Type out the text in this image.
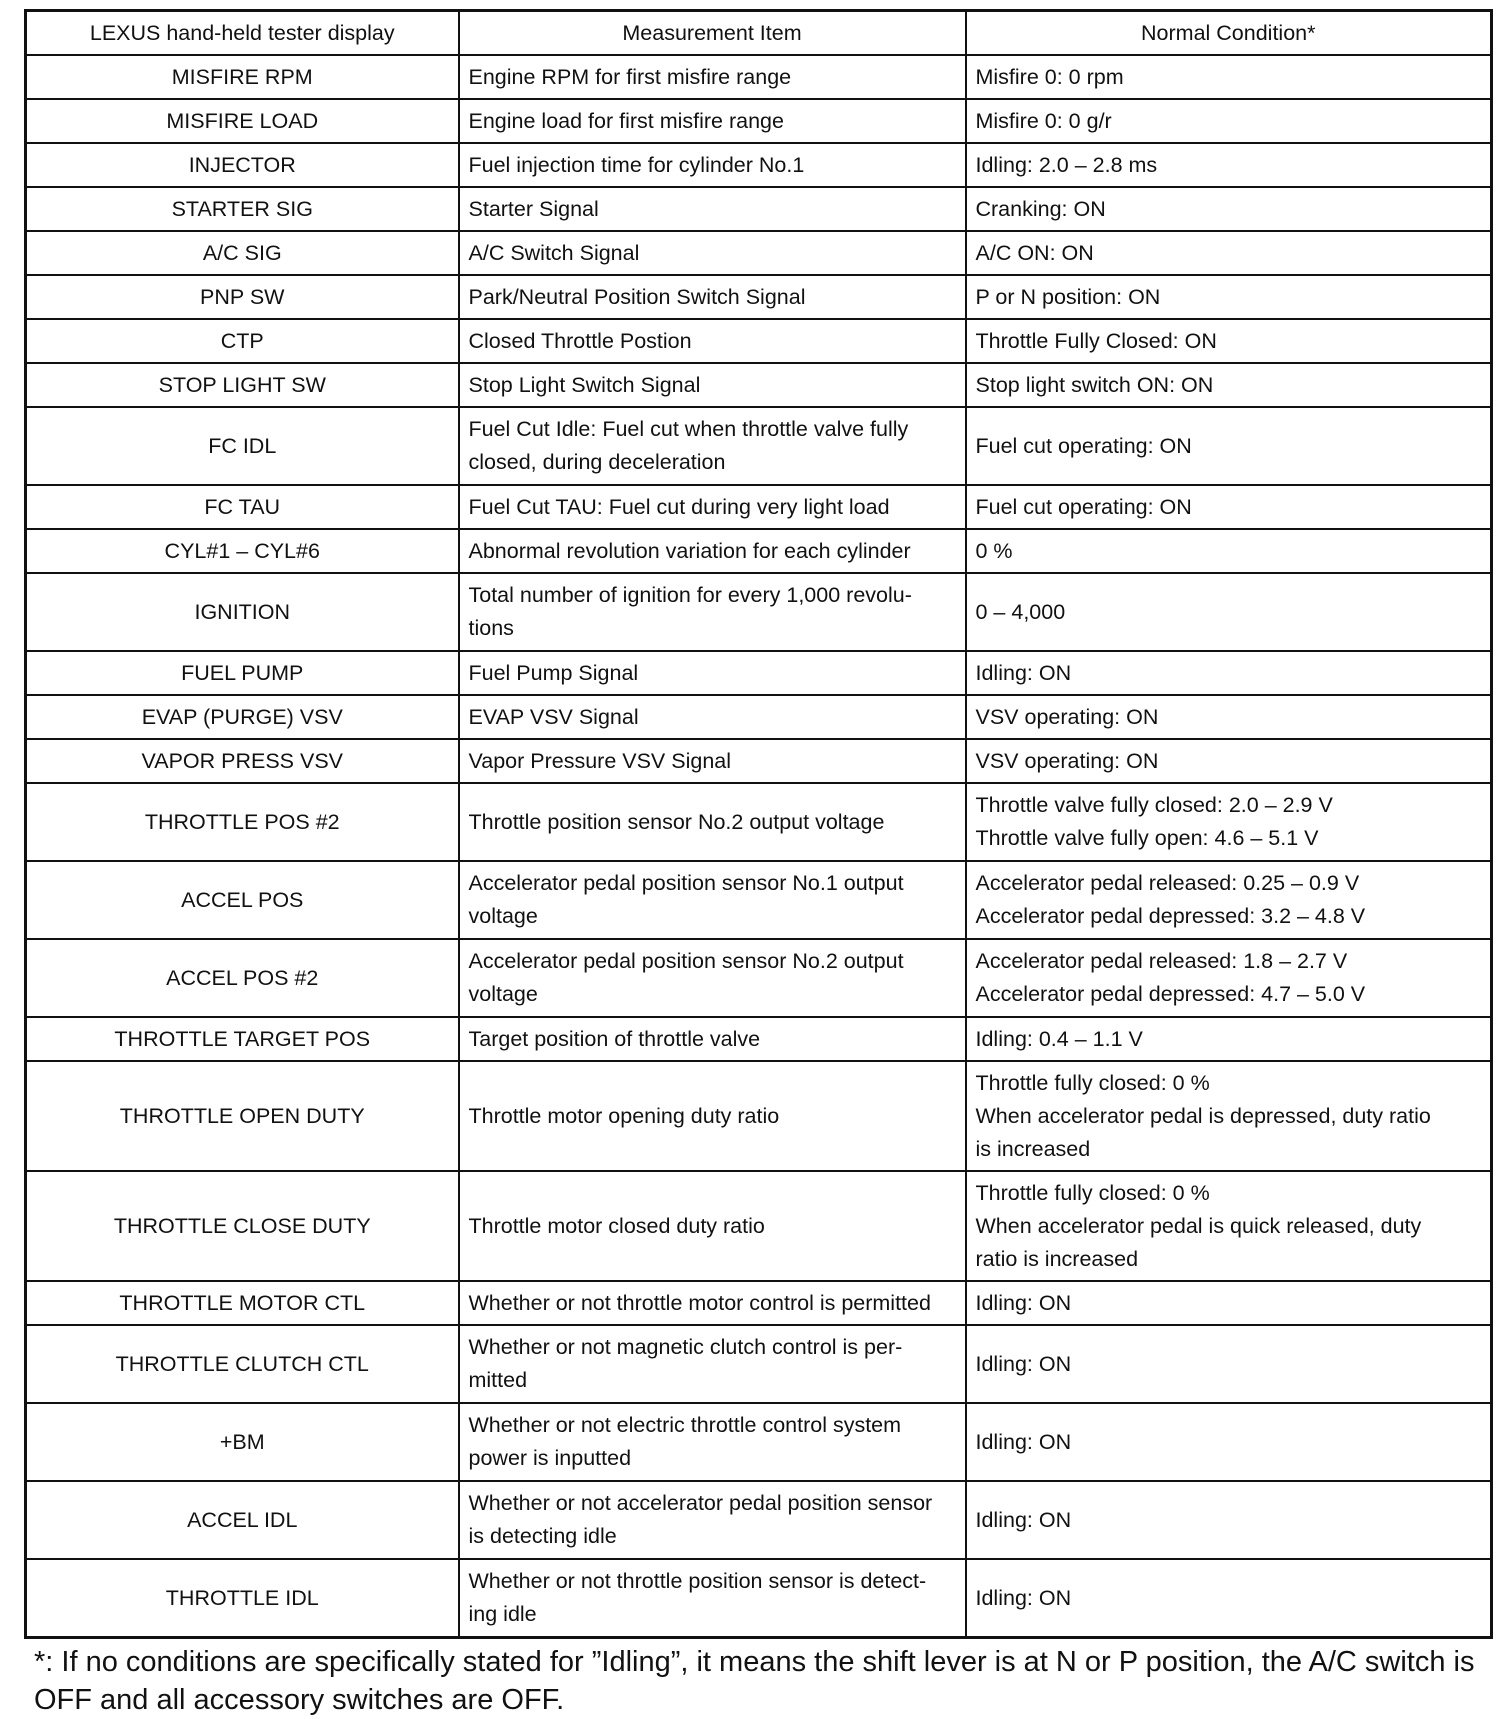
LEXUS hand-held tester display	Measurement Item	Normal Condition*
MISFIRE RPM	Engine RPM for first misfire range	Misfire 0: 0 rpm

MISFIRE LOAD	Engine load for first misfire range	Misfire 0: 0 g/r

INJECTOR	Fuel injection time for cylinder No.1	Idling: 2.0 – 2.8 ms

STARTER SIG	Starter Signal	Cranking: ON

A/C SIG	A/C Switch Signal	A/C ON: ON

PNP SW	Park/Neutral Position Switch Signal	P or N position: ON

CTP	Closed Throttle Postion	Throttle Fully Closed: ON

STOP LIGHT SW	Stop Light Switch Signal	Stop light switch ON: ON

FC IDL	Fuel Cut Idle: Fuel cut when throttle valve fully
closed, during deceleration	Fuel cut operating: ON

FC TAU	Fuel Cut TAU: Fuel cut during very light load	Fuel cut operating: ON

CYL#1 – CYL#6	Abnormal revolution variation for each cylinder	0 %

IGNITION	Total number of ignition for every 1,000 revolu-
tions	0 – 4,000

FUEL PUMP	Fuel Pump Signal	Idling: ON

EVAP (PURGE) VSV	EVAP VSV Signal	VSV operating: ON

VAPOR PRESS VSV	Vapor Pressure VSV Signal	VSV operating: ON

THROTTLE POS #2	Throttle position sensor No.2 output voltage	Throttle valve fully closed: 2.0 – 2.9 V
Throttle valve fully open: 4.6 – 5.1 V

ACCEL POS	Accelerator pedal position sensor No.1 output
voltage	Accelerator pedal released: 0.25 – 0.9 V
Accelerator pedal depressed: 3.2 – 4.8 V

ACCEL POS #2	Accelerator pedal position sensor No.2 output
voltage	Accelerator pedal released: 1.8 – 2.7 V
Accelerator pedal depressed: 4.7 – 5.0 V

THROTTLE TARGET POS	Target position of throttle valve	Idling: 0.4 – 1.1 V

THROTTLE OPEN DUTY	Throttle motor opening duty ratio	Throttle fully closed: 0 %
When accelerator pedal is depressed, duty ratio
is increased

THROTTLE CLOSE DUTY	Throttle motor closed duty ratio	Throttle fully closed: 0 %
When accelerator pedal is quick released, duty
ratio is increased

THROTTLE MOTOR CTL	Whether or not throttle motor control is permitted	Idling: ON

THROTTLE CLUTCH CTL	Whether or not magnetic clutch control is per-
mitted	Idling: ON

+BM	Whether or not electric throttle control system
power is inputted	Idling: ON

ACCEL IDL	Whether or not accelerator pedal position sensor
is detecting idle	Idling: ON

THROTTLE IDL	Whether or not throttle position sensor is detect-
ing idle	Idling: ON
*: If no conditions are specifically stated for ”Idling”, it means the shift lever is at N or P position, the A/C switch is OFF and all accessory switches are OFF.
